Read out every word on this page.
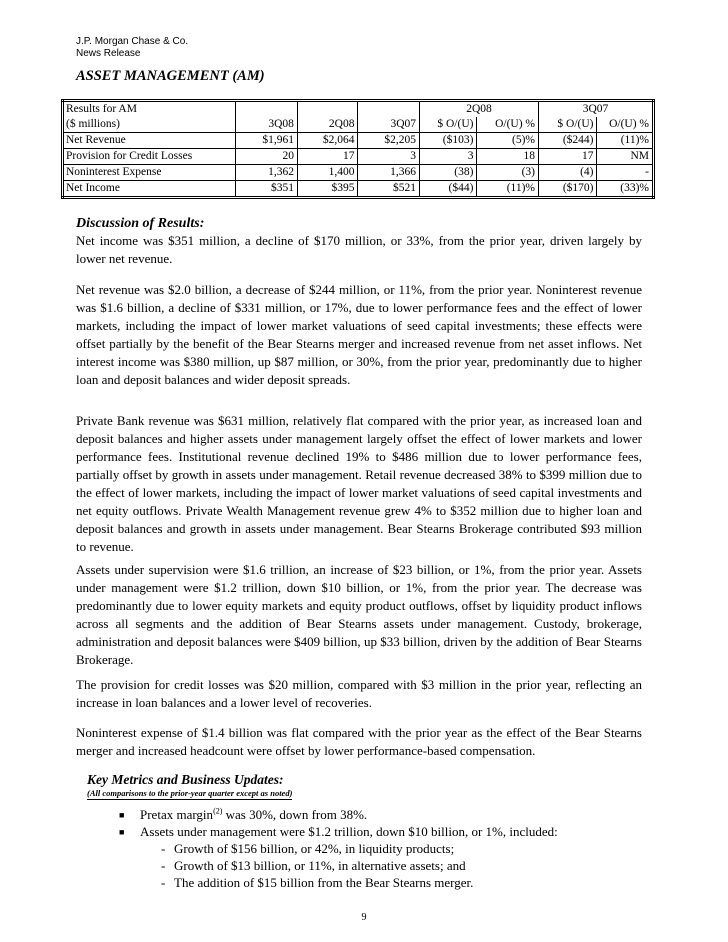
J.P. Morgan Chase & Co.
News Release
ASSET MANAGEMENT (AM)
Results for AM				2Q08		3Q07	
($ millions)	3Q08	2Q08	3Q07	$ O/(U)	O/(U) %	$ O/(U)	O/(U) %
Net Revenue	$1,961	$2,064	$2,205	($103)	(5)%	($244)	(11)%
Provision for Credit Losses	20	17	3	3	18	17	NM
Noninterest Expense	1,362	1,400	1,366	(38)	(3)	(4)	-
Net Income	$351	$395	$521	($44)	(11)%	($170)	(33)%
Discussion of Results:
Net income was $351 million, a decline of $170 million, or 33%, from the prior year, driven largely by lower net revenue.
Net revenue was $2.0 billion, a decrease of $244 million, or 11%, from the prior year. Noninterest revenue was $1.6 billion, a decline of $331 million, or 17%, due to lower performance fees and the effect of lower markets, including the impact of lower market valuations of seed capital investments; these effects were offset partially by the benefit of the Bear Stearns merger and increased revenue from net asset inflows. Net interest income was $380 million, up $87 million, or 30%, from the prior year, predominantly due to higher loan and deposit balances and wider deposit spreads.
Private Bank revenue was $631 million, relatively flat compared with the prior year, as increased loan and deposit balances and higher assets under management largely offset the effect of lower markets and lower performance fees. Institutional revenue declined 19% to $486 million due to lower performance fees, partially offset by growth in assets under management. Retail revenue decreased 38% to $399 million due to the effect of lower markets, including the impact of lower market valuations of seed capital investments and net equity outflows. Private Wealth Management revenue grew 4% to $352 million due to higher loan and deposit balances and growth in assets under management. Bear Stearns Brokerage contributed $93 million to revenue.
Assets under supervision were $1.6 trillion, an increase of $23 billion, or 1%, from the prior year. Assets under management were $1.2 trillion, down $10 billion, or 1%, from the prior year. The decrease was predominantly due to lower equity markets and equity product outflows, offset by liquidity product inflows across all segments and the addition of Bear Stearns assets under management. Custody, brokerage, administration and deposit balances were $409 billion, up $33 billion, driven by the addition of Bear Stearns Brokerage.
The provision for credit losses was $20 million, compared with $3 million in the prior year, reflecting an increase in loan balances and a lower level of recoveries.
Noninterest expense of $1.4 billion was flat compared with the prior year as the effect of the Bear Stearns merger and increased headcount were offset by lower performance-based compensation.
Key Metrics and Business Updates:
(All comparisons to the prior-year quarter except as noted)
■ Pretax margin$^{(2)}$ was 30%, down from 38%.
■ Assets under management were $1.2 trillion, down $10 billion, or 1%, included:
- Growth of $156 billion, or 42%, in liquidity products;
- Growth of $13 billion, or 11%, in alternative assets; and
- The addition of $15 billion from the Bear Stearns merger.
9
